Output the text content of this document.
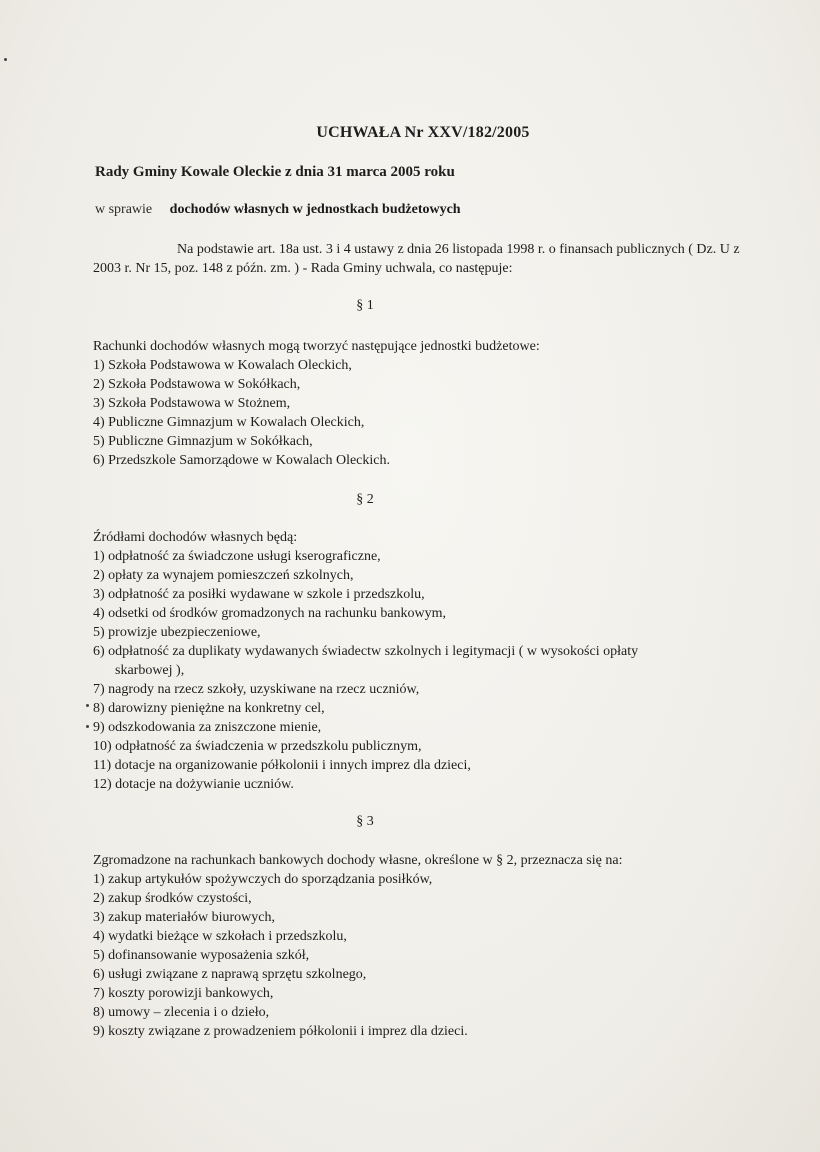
UCHWAŁA Nr XXV/182/2005
Rady Gminy Kowale Oleckie z dnia 31 marca 2005 roku
w sprawie dochodów własnych w jednostkach budżetowych
Na podstawie art. 18a ust. 3 i 4 ustawy z dnia 26 listopada 1998 r. o finansach publicznych ( Dz. U z 2003 r. Nr 15, poz. 148 z późn. zm. ) - Rada Gminy uchwala, co następuje:
§ 1
Rachunki dochodów własnych mogą tworzyć następujące jednostki budżetowe:
1) Szkoła Podstawowa w Kowalach Oleckich,
2) Szkoła Podstawowa w Sokółkach,
3) Szkoła Podstawowa w Stożnem,
4) Publiczne Gimnazjum w Kowalach Oleckich,
5) Publiczne Gimnazjum w Sokółkach,
6) Przedszkole Samorządowe w Kowalach Oleckich.
§ 2
Źródłami dochodów własnych będą:
1) odpłatność za świadczone usługi kserograficzne,
2) opłaty za wynajem pomieszczeń szkolnych,
3) odpłatność za posiłki wydawane w szkole i przedszkolu,
4) odsetki od środków gromadzonych na rachunku bankowym,
5) prowizje ubezpieczeniowe,
6) odpłatność za duplikaty wydawanych świadectw szkolnych i legitymacji ( w wysokości opłaty
skarbowej ),
7) nagrody na rzecz szkoły, uzyskiwane na rzecz uczniów,
8) darowizny pieniężne na konkretny cel,
9) odszkodowania za zniszczone mienie,
10) odpłatność za świadczenia w przedszkolu publicznym,
11) dotacje na organizowanie półkolonii i innych imprez dla dzieci,
12) dotacje na dożywianie uczniów.
§ 3
Zgromadzone na rachunkach bankowych dochody własne, określone w § 2, przeznacza się na:
1) zakup artykułów spożywczych do sporządzania posiłków,
2) zakup środków czystości,
3) zakup materiałów biurowych,
4) wydatki bieżące w szkołach i przedszkolu,
5) dofinansowanie wyposażenia szkół,
6) usługi związane z naprawą sprzętu szkolnego,
7) koszty porowizji bankowych,
8) umowy – zlecenia i o dzieło,
9) koszty związane z prowadzeniem półkolonii i imprez dla dzieci.
